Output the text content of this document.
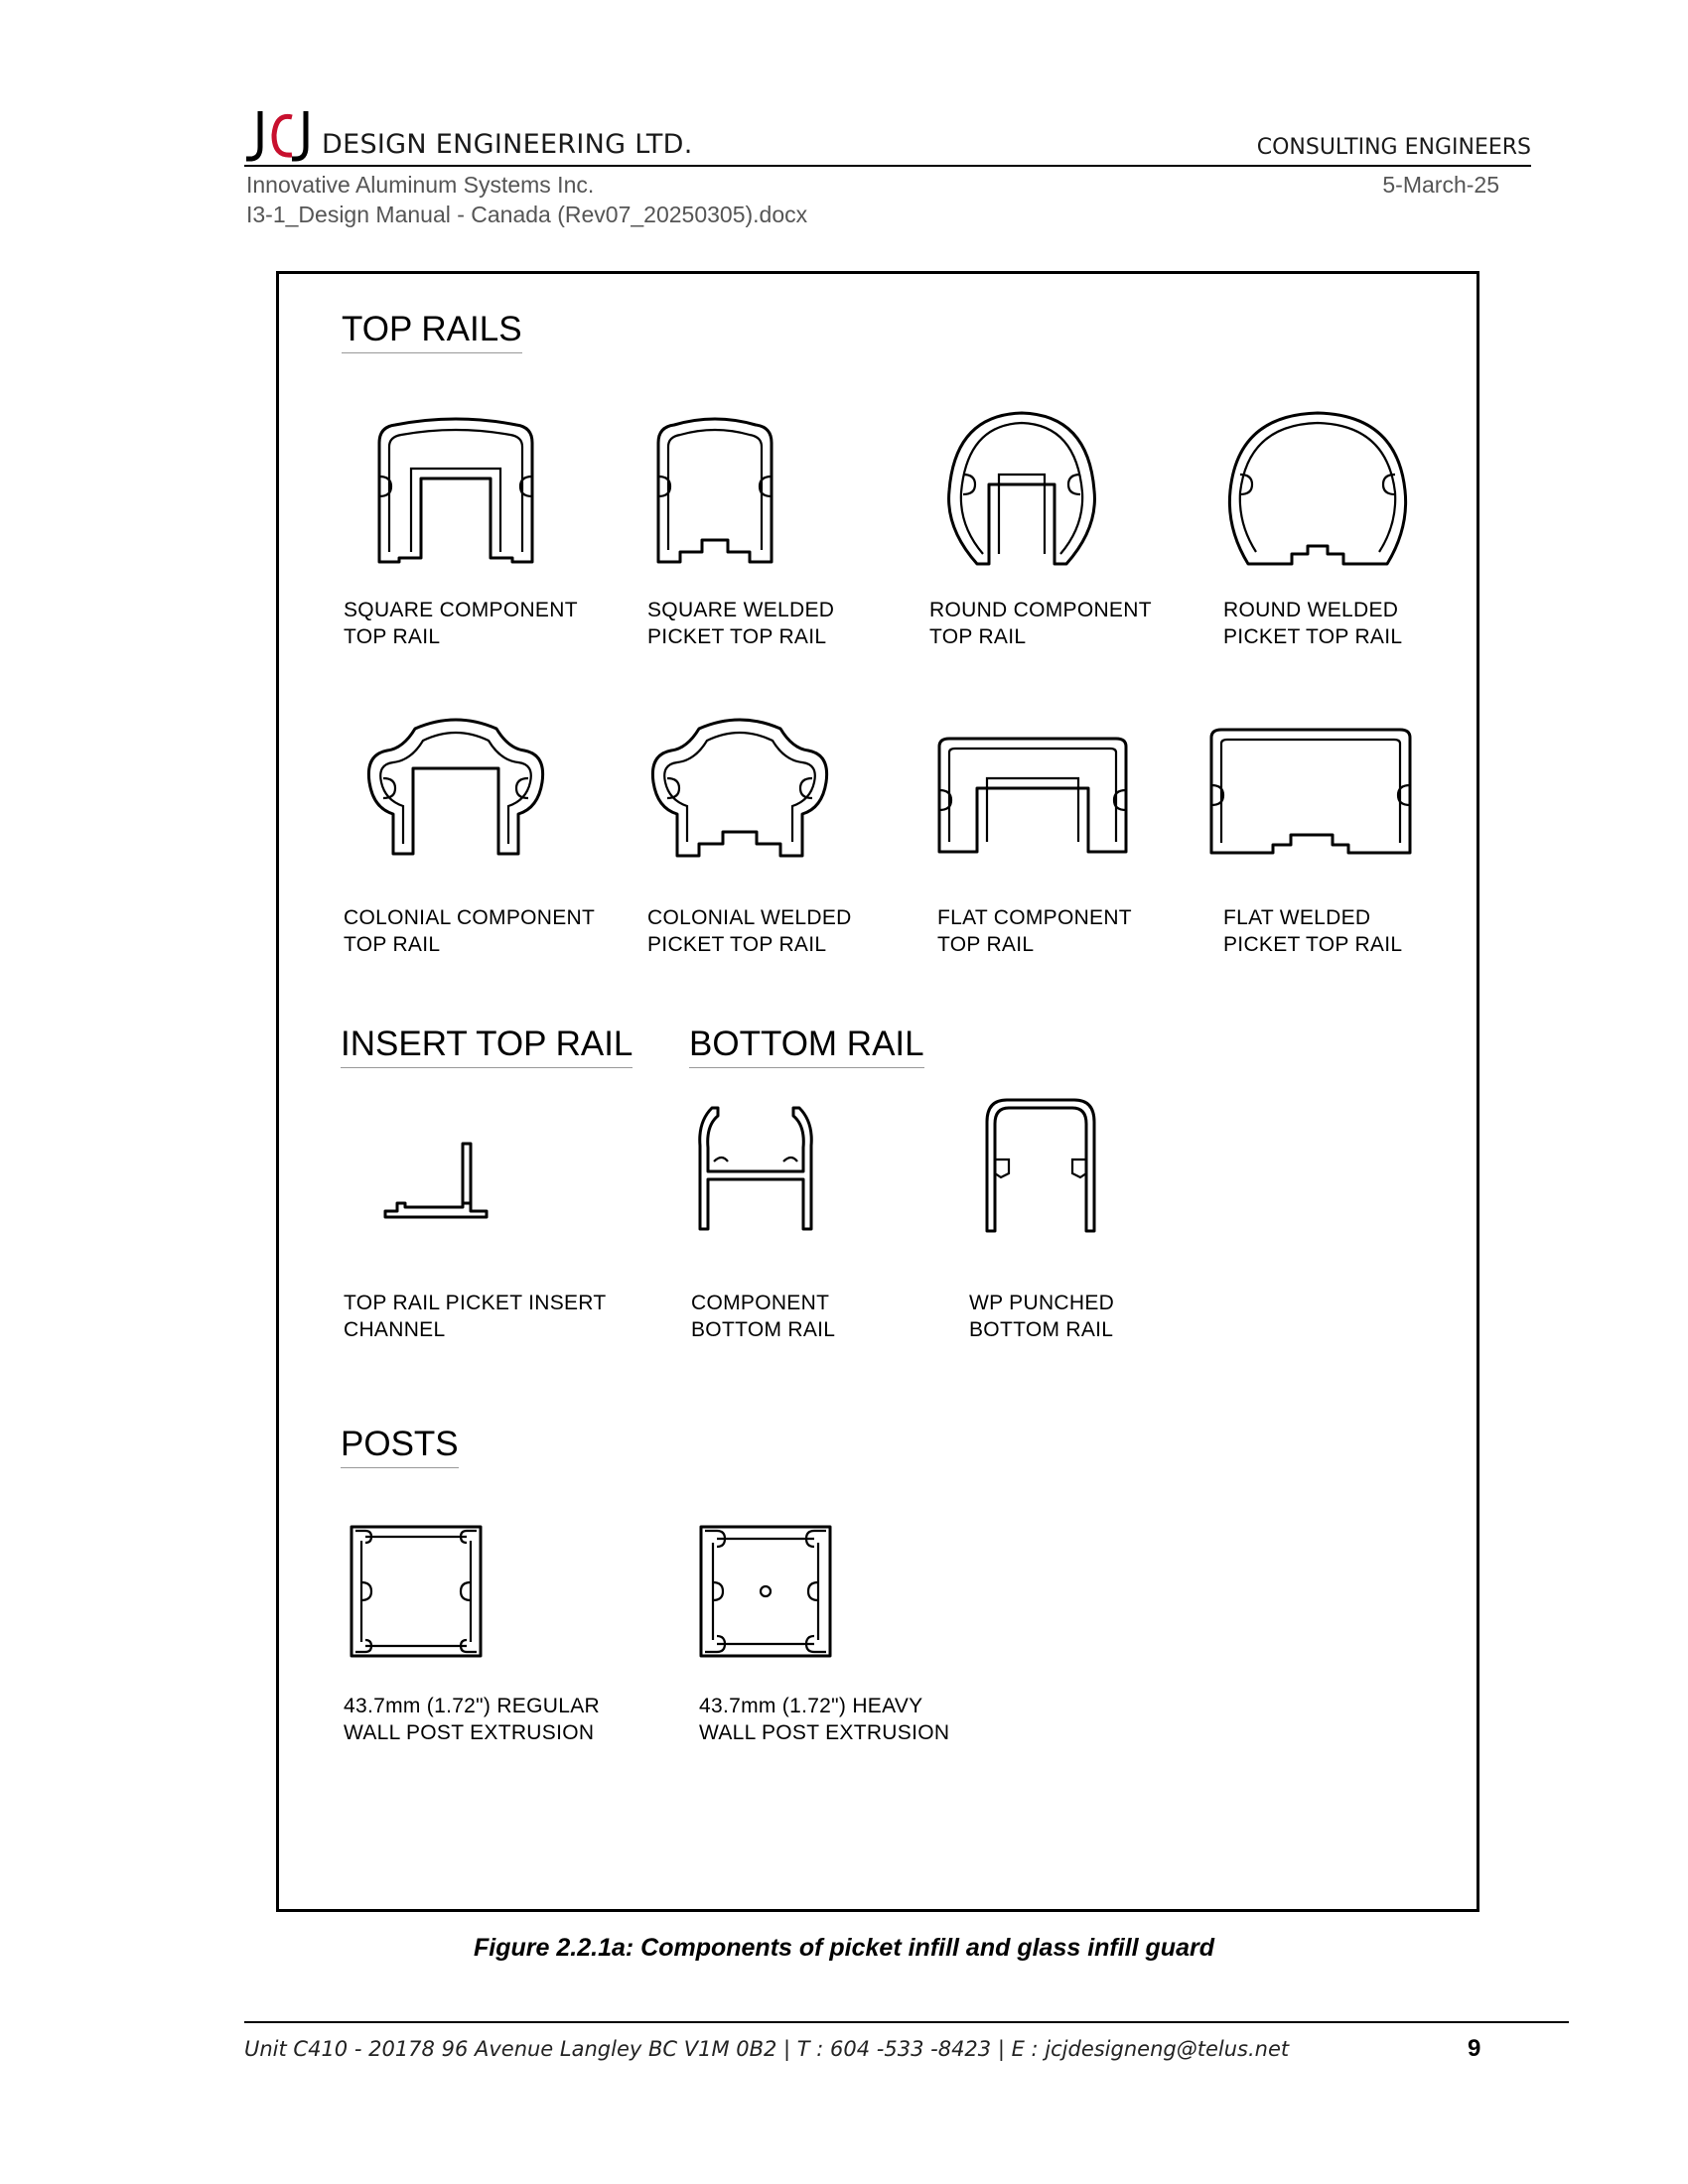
DESIGN ENGINEERING LTD.	CONSULTING ENGINEERS
Innovative Aluminum Systems Inc.	5-March-25
I3-1_Design Manual - Canada (Rev07_20250305).docx
TOP RAILS
INSERT TOP RAIL BOTTOM RAIL
POSTS
SQUARE COMPONENT
TOP RAIL
SQUARE WELDED
PICKET TOP RAIL
ROUND COMPONENT
TOP RAIL
ROUND WELDED
PICKET TOP RAIL
COLONIAL COMPONENT
TOP RAIL
COLONIAL WELDED
PICKET TOP RAIL
FLAT COMPONENT
TOP RAIL
FLAT WELDED
PICKET TOP RAIL
TOP RAIL PICKET INSERT
CHANNEL
COMPONENT
BOTTOM RAIL
WP PUNCHED
BOTTOM RAIL
43.7mm (1.72") REGULAR
WALL POST EXTRUSION
43.7mm (1.72") HEAVY
WALL POST EXTRUSION
Figure 2.2.1a: Components of picket infill and glass infill guard
Unit C410 - 20178 96 Avenue Langley BC V1M 0B2 | T : 604 -533 -8423 | E : jcjdesigneng@telus.net	9
